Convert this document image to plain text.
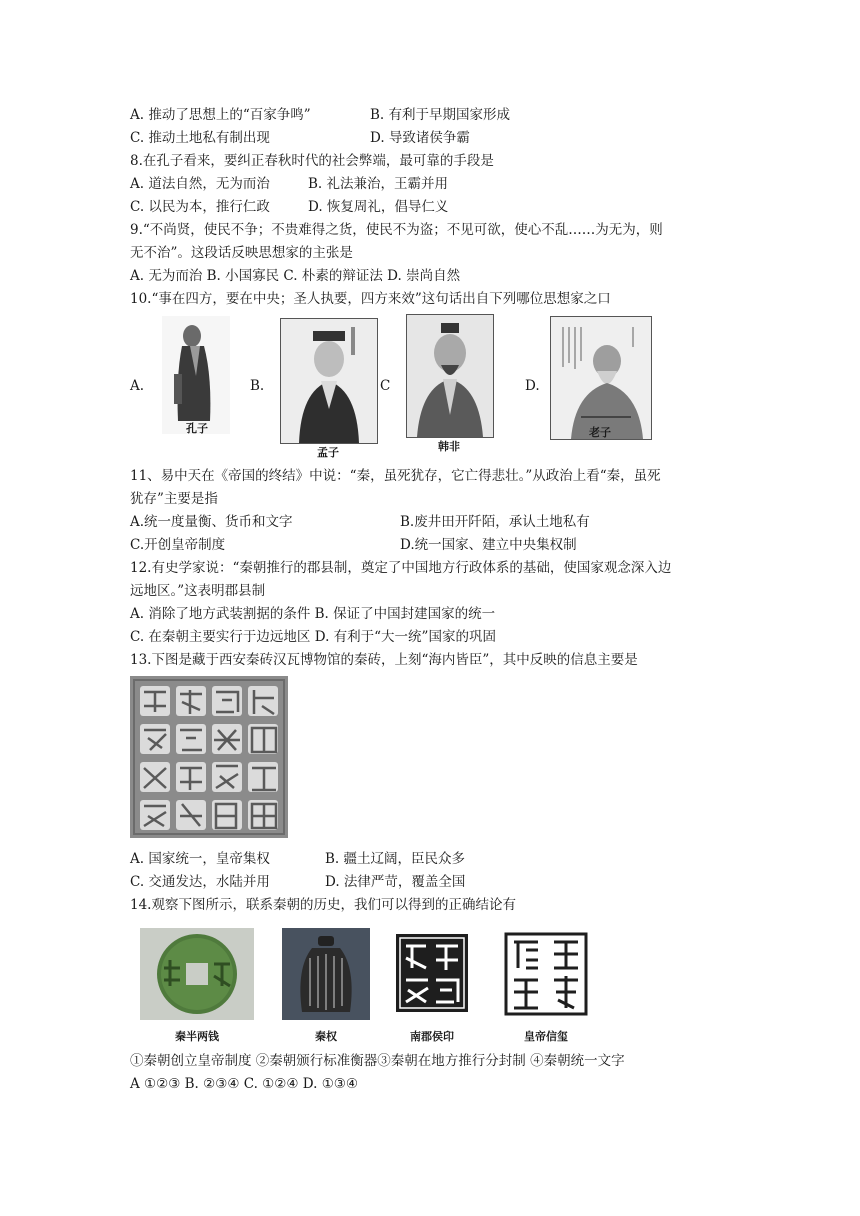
A. 推动了思想上的“百家争鸣”	B. 有利于早期国家形成
C. 推动土地私有制出现	D. 导致诸侯争霸
8.在孔子看来，要纠正春秋时代的社会弊端，最可靠的手段是
A. 道法自然，无为而治	B. 礼法兼治，王霸并用
C. 以民为本，推行仁政	D. 恢复周礼，倡导仁义
9.“不尚贤，使民不争；不贵难得之货，使民不为盗；不见可欲，使心不乱……为无为，则
无不治”。这段话反映思想家的主张是
A. 无为而治 B. 小国寡民 C. 朴素的辩证法 D. 崇尚自然
10.“事在四方，要在中央；圣人执要，四方来效”这句话出自下列哪位思想家之口
A.	B.	C	D.
孔子
孟子	韩非
老子
11、易中天在《帝国的终结》中说：“秦，虽死犹存，它亡得悲壮。”从政治上看“秦，虽死
犹存”主要是指
A.统一度量衡、货币和文字	B.废井田开阡陌，承认土地私有
C.开创皇帝制度	D.统一国家、建立中央集权制
12.有史学家说：“秦朝推行的郡县制，奠定了中国地方行政体系的基础，使国家观念深入边
远地区。”这表明郡县制
A. 消除了地方武装割据的条件 B. 保证了中国封建国家的统一
C. 在秦朝主要实行于边远地区 D. 有利于“大一统”国家的巩固
13.下图是藏于西安秦砖汉瓦博物馆的秦砖，上刻“海内皆臣”，其中反映的信息主要是
A. 国家统一，皇帝集权	B. 疆土辽阔，臣民众多
C. 交通发达，水陆并用	D. 法律严苛，覆盖全国
14.观察下图所示，联系秦朝的历史，我们可以得到的正确结论有
秦半两钱	秦权	南郡侯印	皇帝信玺
①秦朝创立皇帝制度 ②秦朝颁行标准衡器③秦朝在地方推行分封制 ④秦朝统一文字
A ①②③ B. ②③④ C. ①②④ D. ①③④
